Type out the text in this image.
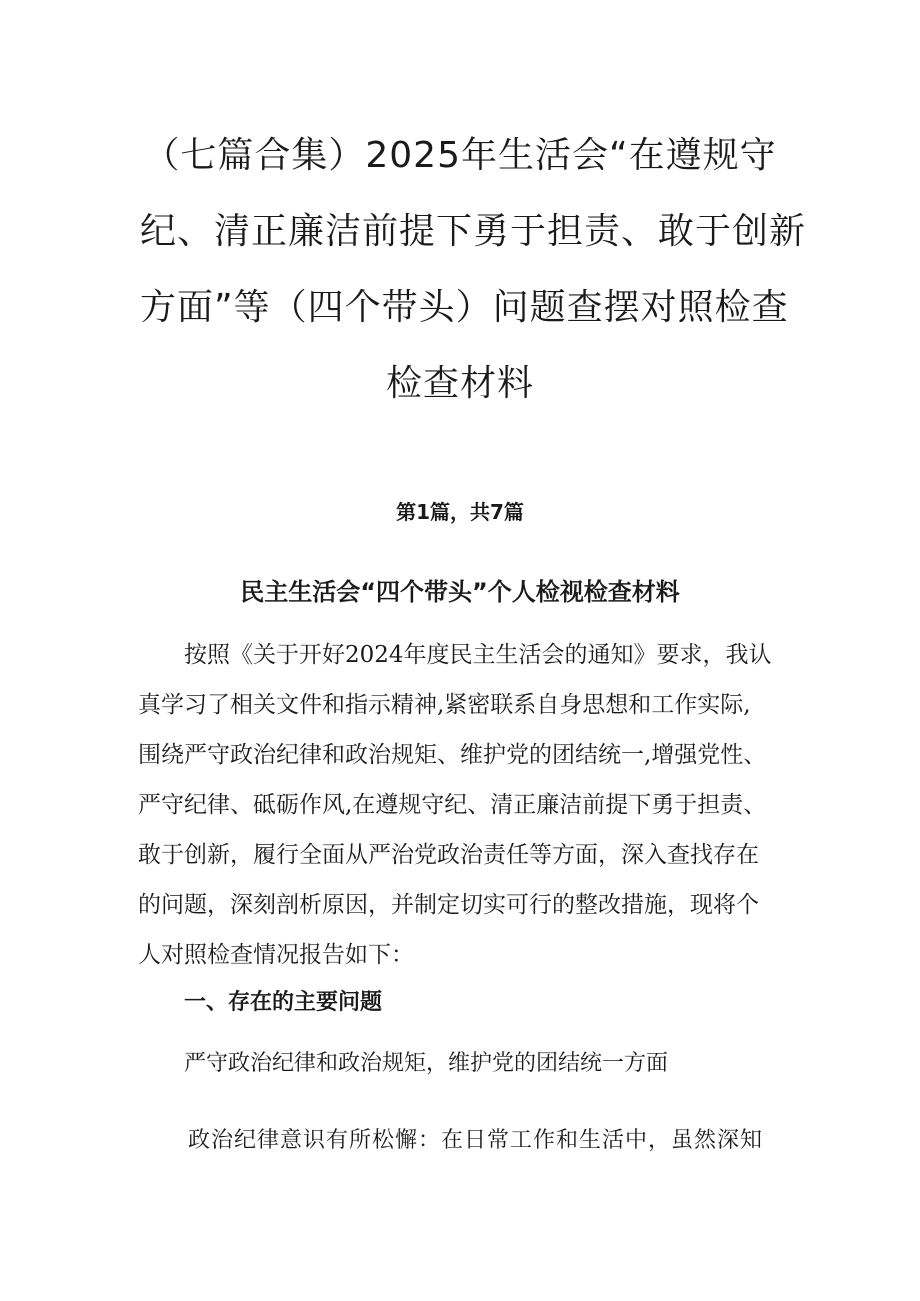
（七篇合集）2025年生活会“在遵规守
纪、清正廉洁前提下勇于担责、敢于创新
方面”等（四个带头）问题查摆对照检查
检查材料

第1篇，共7篇

民主生活会“四个带头”个人检视检查材料

按照《关于开好2024年度民主生活会的通知》要求，我认
真学习了相关文件和指示精神,紧密联系自身思想和工作实际,
围绕严守政治纪律和政治规矩、维护党的团结统一,增强党性、
严守纪律、砥砺作风,在遵规守纪、清正廉洁前提下勇于担责、
敢于创新，履行全面从严治党政治责任等方面，深入查找存在
的问题，深刻剖析原因，并制定切实可行的整改措施，现将个
人对照检查情况报告如下：

一、存在的主要问题

严守政治纪律和政治规矩，维护党的团结统一方面

政治纪律意识有所松懈：在日常工作和生活中，虽然深知
